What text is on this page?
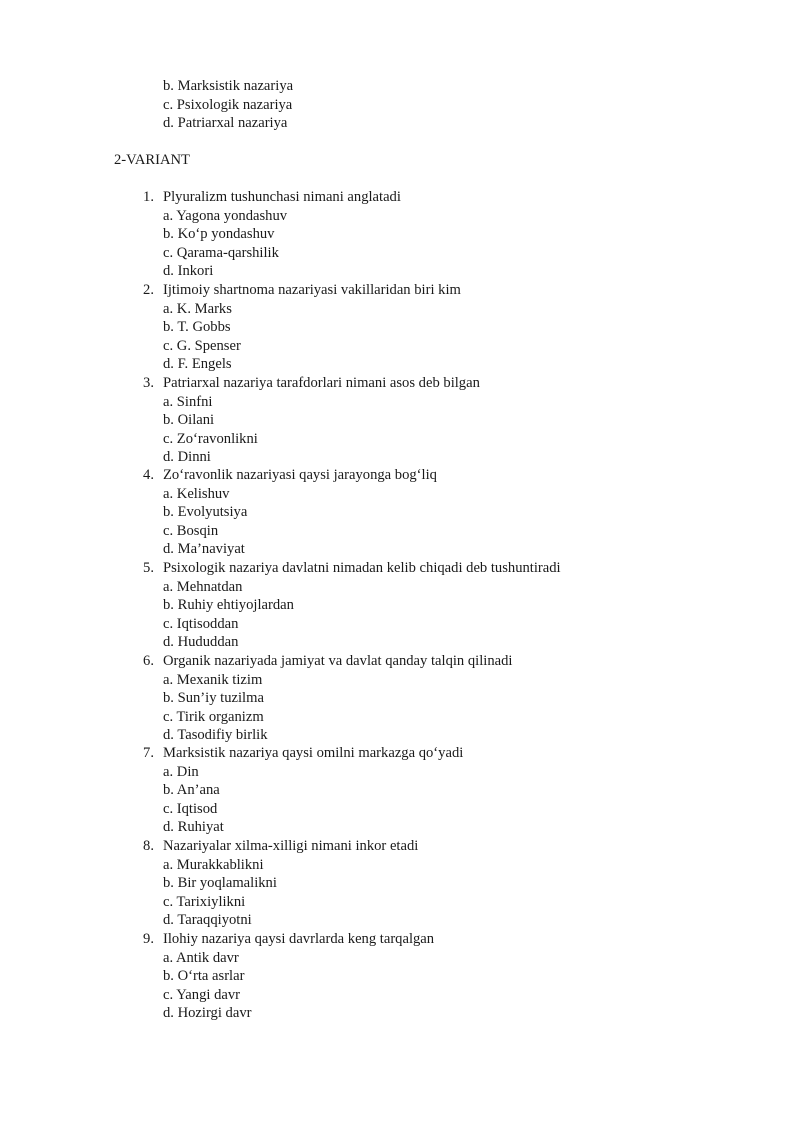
b. Marksistik nazariya
c. Psixologik nazariya
d. Patriarxal nazariya
2-VARIANT
1. Plyuralizm tushunchasi nimani anglatadi
a. Yagona yondashuv
b. Ko‘p yondashuv
c. Qarama-qarshilik
d. Inkori
2. Ijtimoiy shartnoma nazariyasi vakillaridan biri kim
a. K. Marks
b. T. Gobbs
c. G. Spenser
d. F. Engels
3. Patriarxal nazariya tarafdorlari nimani asos deb bilgan
a. Sinfni
b. Oilani
c. Zo‘ravonlikni
d. Dinni
4. Zo‘ravonlik nazariyasi qaysi jarayonga bog‘liq
a. Kelishuv
b. Evolyutsiya
c. Bosqin
d. Ma’naviyat
5. Psixologik nazariya davlatni nimadan kelib chiqadi deb tushuntiradi
a. Mehnatdan
b. Ruhiy ehtiyojlardan
c. Iqtisoddan
d. Hududdan
6. Organik nazariyada jamiyat va davlat qanday talqin qilinadi
a. Mexanik tizim
b. Sun’iy tuzilma
c. Tirik organizm
d. Tasodifiy birlik
7. Marksistik nazariya qaysi omilni markazga qo‘yadi
a. Din
b. An’ana
c. Iqtisod
d. Ruhiyat
8. Nazariyalar xilma-xilligi nimani inkor etadi
a. Murakkablikni
b. Bir yoqlamalikni
c. Tarixiylikni
d. Taraqqiyotni
9. Ilohiy nazariya qaysi davrlarda keng tarqalgan
a. Antik davr
b. O‘rta asrlar
c. Yangi davr
d. Hozirgi davr
